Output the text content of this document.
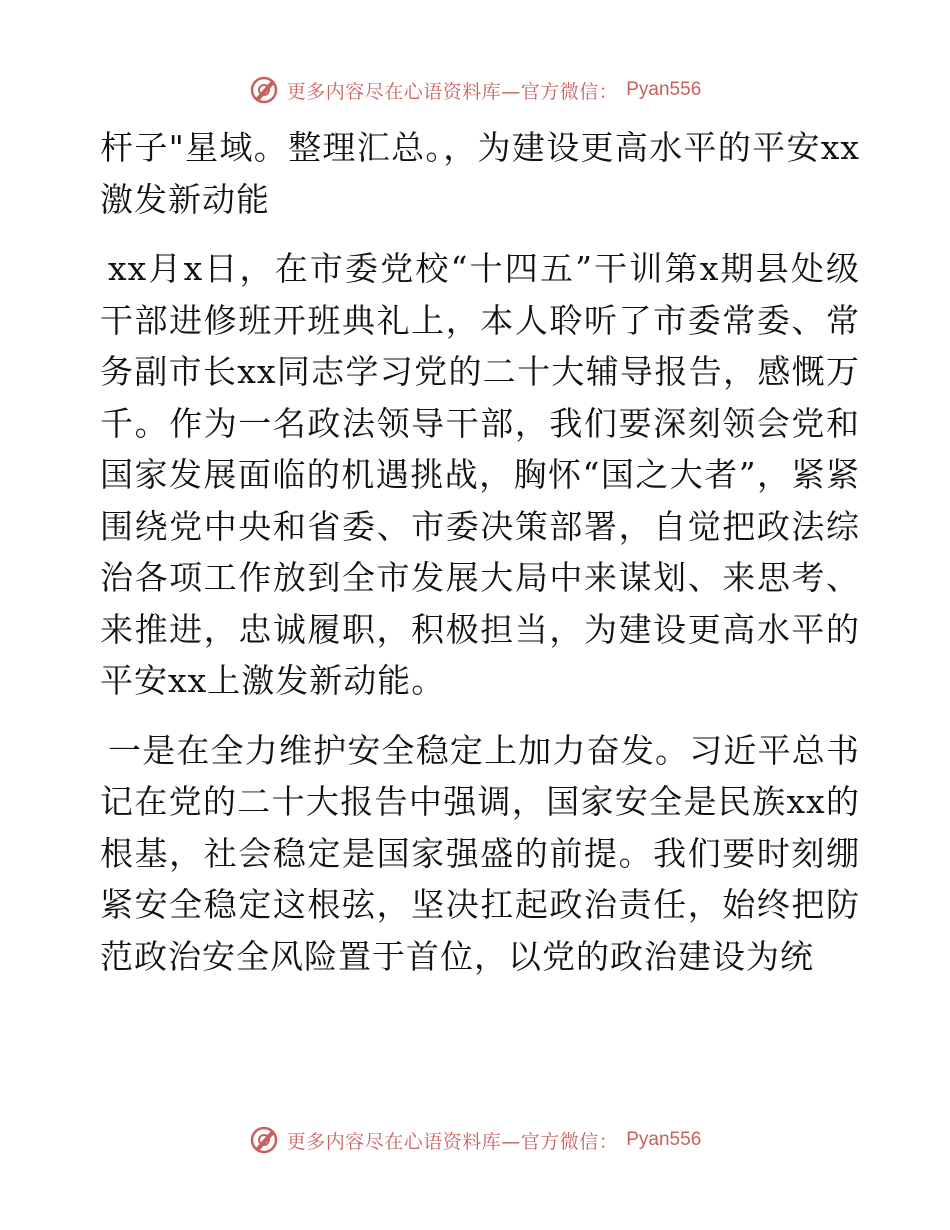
更多内容尽在心语资料库—官方微信： Pyan556

杆子"星域。整理汇总。，为建设更高水平的平安xx激发新动能

xx月x日，在市委党校“十四五”干训第x期县处级干部进修班开班典礼上，本人聆听了市委常委、常务副市长xx同志学习党的二十大辅导报告，感慨万千。作为一名政法领导干部，我们要深刻领会党和国家发展面临的机遇挑战，胸怀“国之大者”，紧紧围绕党中央和省委、市委决策部署，自觉把政法综治各项工作放到全市发展大局中来谋划、来思考、来推进，忠诚履职，积极担当，为建设更高水平的平安xx上激发新动能。

一是在全力维护安全稳定上加力奋发。习近平总书记在党的二十大报告中强调，国家安全是民族xx的根基，社会稳定是国家强盛的前提。我们要时刻绷紧安全稳定这根弦，坚决扛起政治责任，始终把防范政治安全风险置于首位，以党的政治建设为统

更多内容尽在心语资料库—官方微信： Pyan556
